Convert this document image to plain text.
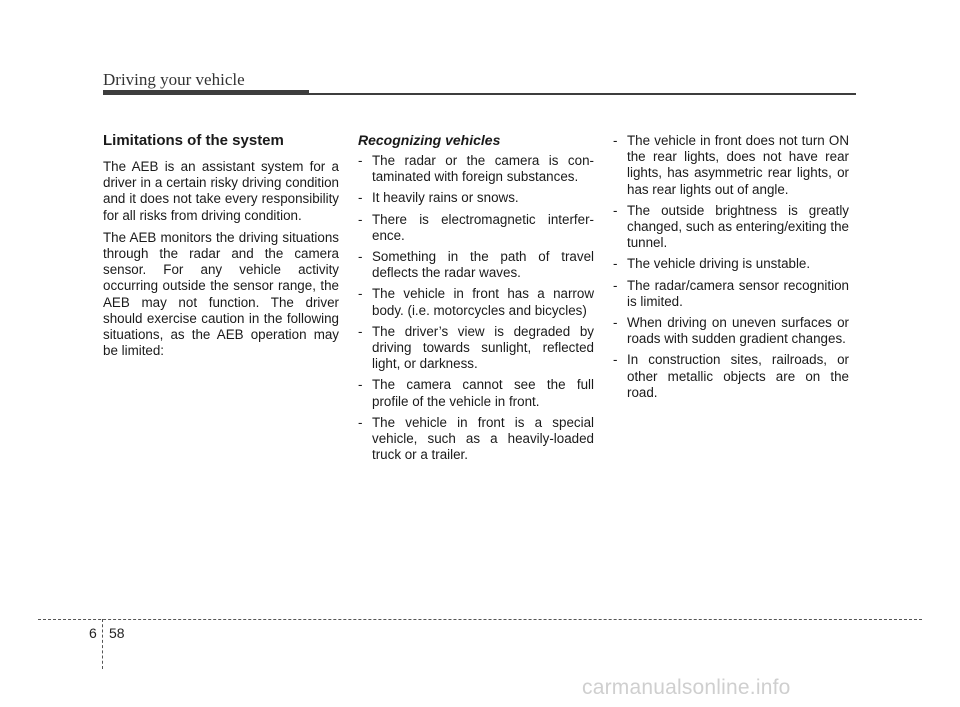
Driving your vehicle
Limitations of the system

The AEB is an assistant system for a driver in a certain risky driving condition and it does not take every responsibility for all risks from driving condition.

The AEB monitors the driving situations through the radar and the camera sensor. For any vehicle activity occurring outside the sensor range, the AEB may not function. The driver should exercise caution in the following situations, as the AEB operation may be limited:

Recognizing vehicles
- The radar or the camera is contaminated with foreign substances.
- It heavily rains or snows.
- There is electromagnetic interference.
- Something in the path of travel deflects the radar waves.
- The vehicle in front has a narrow body. (i.e. motorcycles and bicycles)
- The driver’s view is degraded by driving towards sunlight, reflected light, or darkness.
- The camera cannot see the full profile of the vehicle in front.
- The vehicle in front is a special vehicle, such as a heavily-loaded truck or a trailer.
- The vehicle in front does not turn ON the rear lights, does not have rear lights, has asymmetric rear lights, or has rear lights out of angle.
- The outside brightness is greatly changed, such as entering/exiting the tunnel.
- The vehicle driving is unstable.
- The radar/camera sensor recognition is limited.
- When driving on uneven surfaces or roads with sudden gradient changes.
- In construction sites, railroads, or other metallic objects are on the road.
6 58
carmanualsonline.info
